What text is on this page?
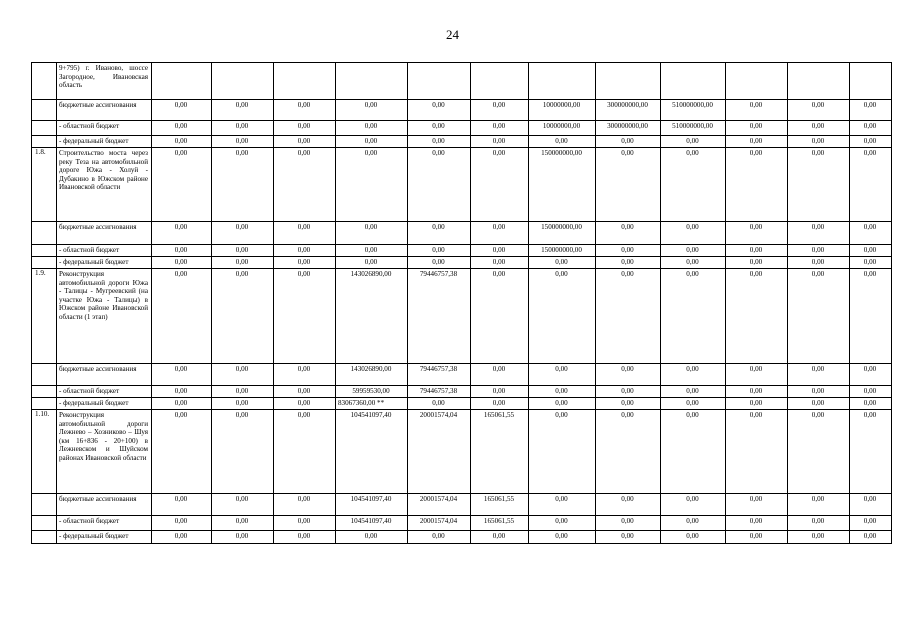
24
	9+795) г. Иваново, шоссе Загородное, Ивановская область												
	бюджетные ассигнования	0,00	0,00	0,00	0,00	0,00	0,00	10000000,00	300000000,00	510000000,00	0,00	0,00	0,00
	- областной бюджет	0,00	0,00	0,00	0,00	0,00	0,00	10000000,00	300000000,00	510000000,00	0,00	0,00	0,00
	- федеральный бюджет	0,00	0,00	0,00	0,00	0,00	0,00	0,00	0,00	0,00	0,00	0,00	0,00
1.8.	Строительство моста через реку Теза на автомобильной дороге Южа - Холуй - Дубакино в Южском районе Ивановской области	0,00	0,00	0,00	0,00	0,00	0,00	150000000,00	0,00	0,00	0,00	0,00	0,00
	бюджетные ассигнования	0,00	0,00	0,00	0,00	0,00	0,00	150000000,00	0,00	0,00	0,00	0,00	0,00
	- областной бюджет	0,00	0,00	0,00	0,00	0,00	0,00	150000000,00	0,00	0,00	0,00	0,00	0,00
	- федеральный бюджет	0,00	0,00	0,00	0,00	0,00	0,00	0,00	0,00	0,00	0,00	0,00	0,00
1.9.	Реконструкция автомобильной дороги Южа - Талицы - Мугреевский (на участке Южа - Талицы) в Южском районе Ивановской области (1 этап)	0,00	0,00	0,00	143026890,00	79446757,38	0,00	0,00	0,00	0,00	0,00	0,00	0,00
	бюджетные ассигнования	0,00	0,00	0,00	143026890,00	79446757,38	0,00	0,00	0,00	0,00	0,00	0,00	0,00
	- областной бюджет	0,00	0,00	0,00	59959530,00	79446757,38	0,00	0,00	0,00	0,00	0,00	0,00	0,00
	- федеральный бюджет	0,00	0,00	0,00	83067360,00 **	0,00	0,00	0,00	0,00	0,00	0,00	0,00	0,00
1.10.	Реконструкция автомобильной дороги Лежнево – Хозниково – Шуя (км 16+836 - 20+100) в Лежневском и Шуйском районах Ивановской области	0,00	0,00	0,00	104541097,40	20001574,04	165061,55	0,00	0,00	0,00	0,00	0,00	0,00
	бюджетные ассигнования	0,00	0,00	0,00	104541097,40	20001574,04	165061,55	0,00	0,00	0,00	0,00	0,00	0,00
	- областной бюджет	0,00	0,00	0,00	104541097,40	20001574,04	165061,55	0,00	0,00	0,00	0,00	0,00	0,00
	- федеральный бюджет	0,00	0,00	0,00	0,00	0,00	0,00	0,00	0,00	0,00	0,00	0,00	0,00
